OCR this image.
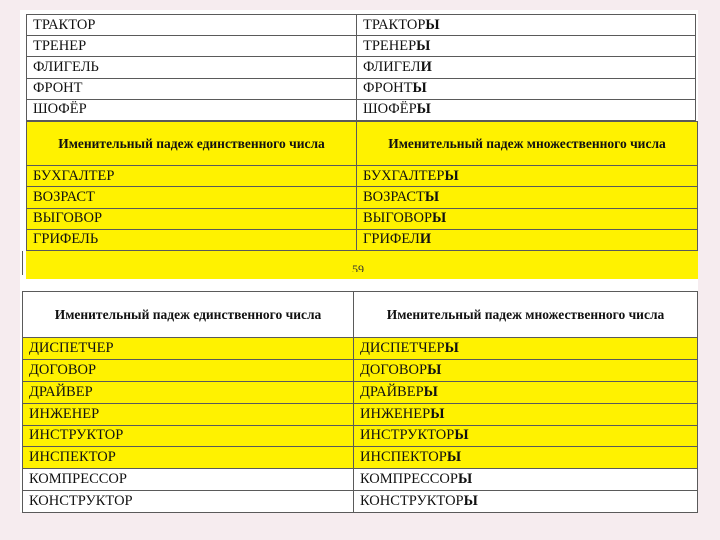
ТРАКТОР	ТРАКТОРЫ
ТРЕНЕР	ТРЕНЕРЫ
ФЛИГЕЛЬ	ФЛИГЕЛИ
ФРОНТ	ФРОНТЫ
ШОФЁР	ШОФЁРЫ
Именительный падеж единственного числа	Именительный падеж множественного числа
БУХГАЛТЕР	БУХГАЛТЕРЫ
ВОЗРАСТ	ВОЗРАСТЫ
ВЫГОВОР	ВЫГОВОРЫ
ГРИФЕЛЬ	ГРИФЕЛИ
59
Именительный падеж единственного числа	Именительный падеж множественного числа
ДИСПЕТЧЕР	ДИСПЕТЧЕРЫ
ДОГОВОР	ДОГОВОРЫ
ДРАЙВЕР	ДРАЙВЕРЫ
ИНЖЕНЕР	ИНЖЕНЕРЫ
ИНСТРУКТОР	ИНСТРУКТОРЫ
ИНСПЕКТОР	ИНСПЕКТОРЫ
КОМПРЕССОР	КОМПРЕССОРЫ
КОНСТРУКТОР	КОНСТРУКТОРЫ
